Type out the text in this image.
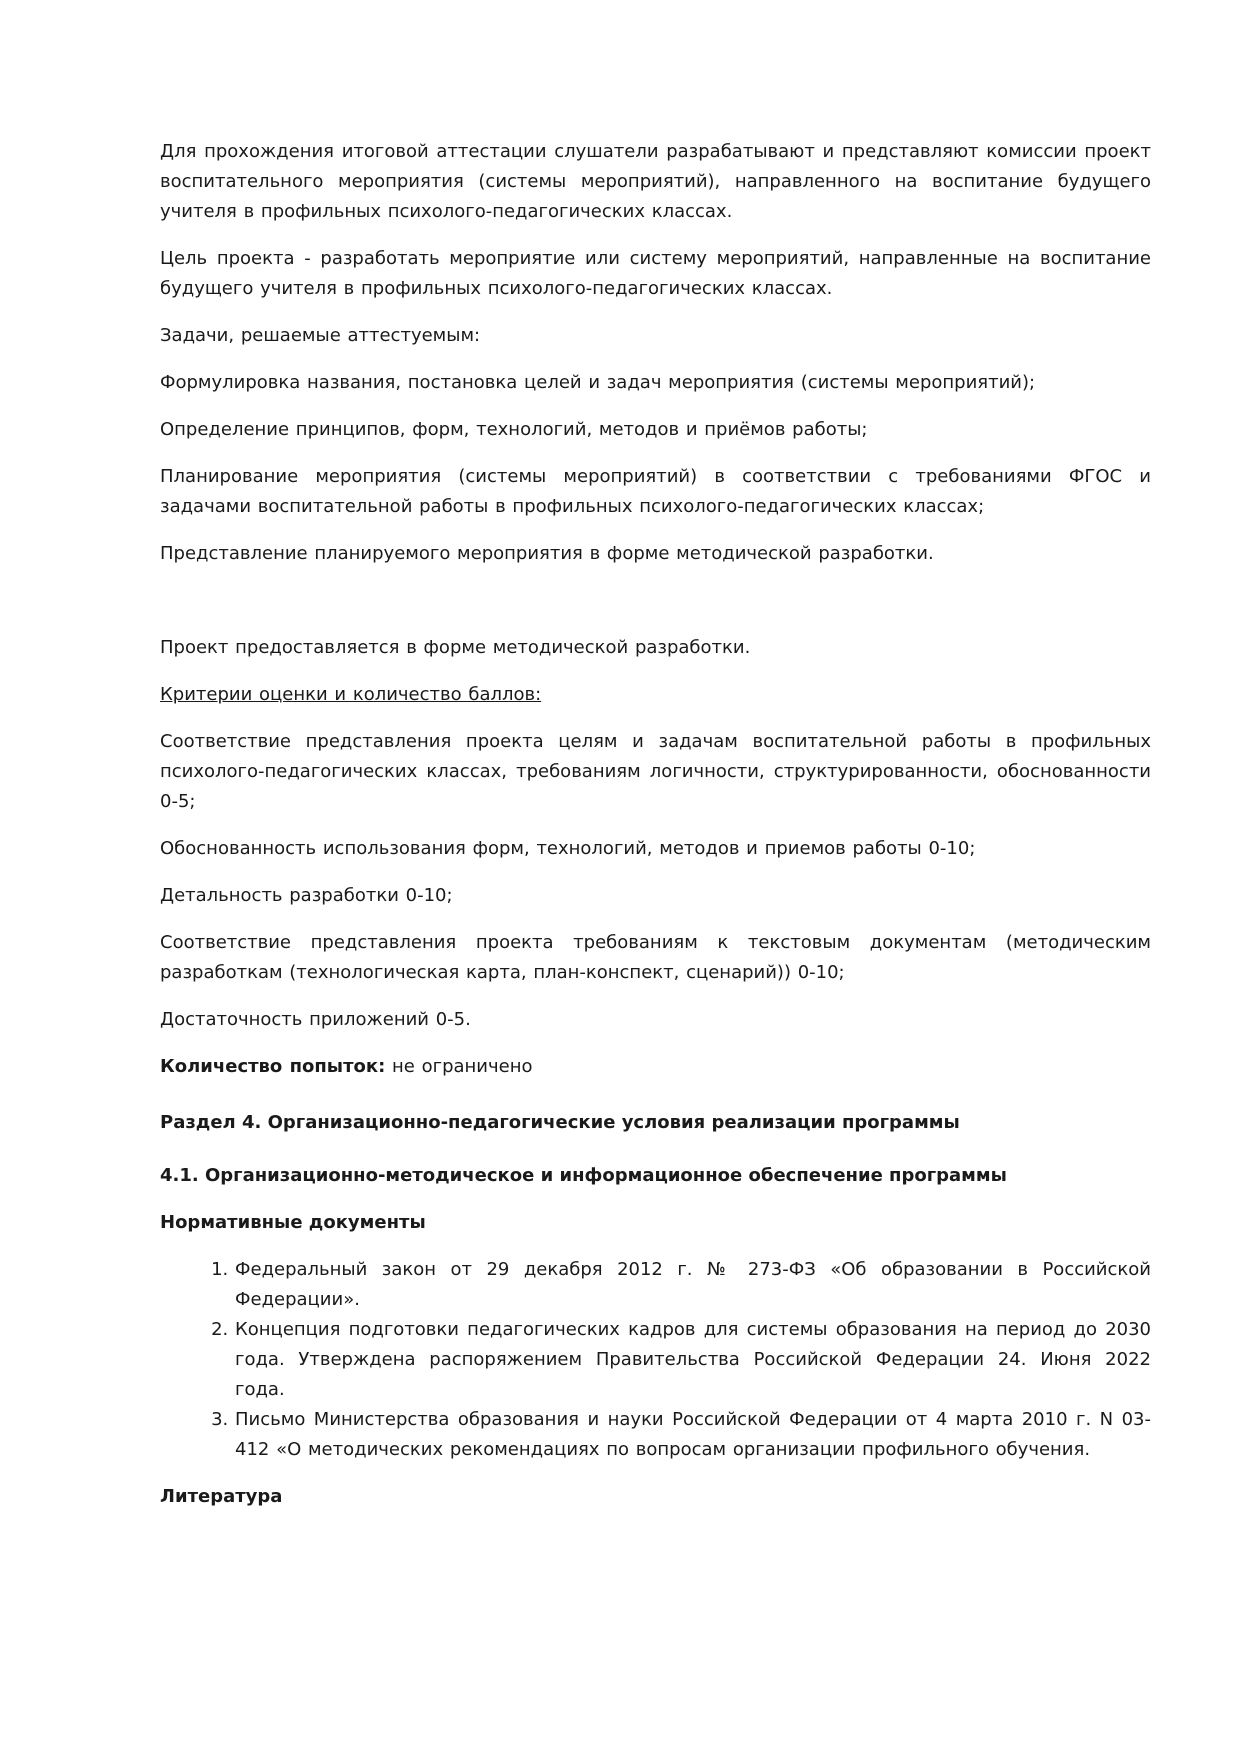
Для прохождения итоговой аттестации слушатели разрабатывают и представляют комиссии проект воспитательного мероприятия (системы мероприятий), направленного на воспитание будущего учителя в профильных психолого-педагогических классах.

Цель проекта - разработать мероприятие или систему мероприятий, направленные на воспитание будущего учителя в профильных психолого-педагогических классах.

Задачи, решаемые аттестуемым:

Формулировка названия, постановка целей и задач мероприятия (системы мероприятий);

Определение принципов, форм, технологий, методов и приёмов работы;

Планирование мероприятия (системы мероприятий) в соответствии с требованиями ФГОС и задачами воспитательной работы в профильных психолого-педагогических классах;

Представление планируемого мероприятия в форме методической разработки.

Проект предоставляется в форме методической разработки.

Критерии оценки и количество баллов:

Соответствие представления проекта целям и задачам воспитательной работы в профильных психолого-педагогических классах, требованиям логичности, структурированности, обоснованности 0-5;

Обоснованность использования форм, технологий, методов и приемов работы 0-10;

Детальность разработки 0-10;

Соответствие представления проекта требованиям к текстовым документам (методическим разработкам (технологическая карта, план-конспект, сценарий)) 0-10;

Достаточность приложений 0-5.

Количество попыток: не ограничено

Раздел 4. Организационно-педагогические условия реализации программы

4.1. Организационно-методическое и информационное обеспечение программы

Нормативные документы

1. Федеральный закон от 29 декабря 2012 г. № 273-ФЗ «Об образовании в Российской Федерации».
2. Концепция подготовки педагогических кадров для системы образования на период до 2030 года. Утверждена распоряжением Правительства Российской Федерации 24. Июня 2022 года.
3. Письмо Министерства образования и науки Российской Федерации от 4 марта 2010 г. N 03-412 «О методических рекомендациях по вопросам организации профильного обучения.

Литература
